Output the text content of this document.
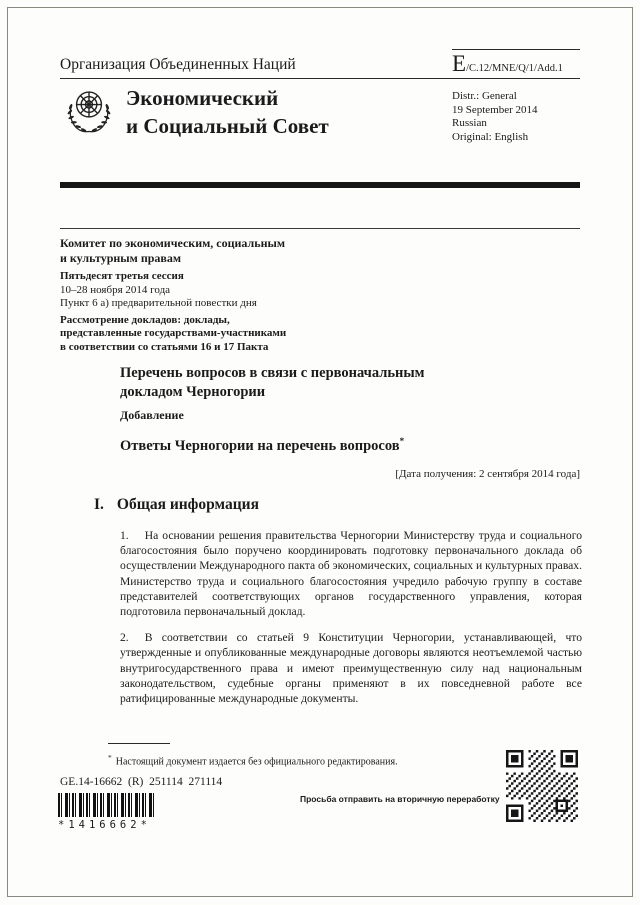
Организация Объединенных Наций	E /C.12/MNE/Q/1/Add.1
Экономический
и Социальный Совет
Distr.: General
19 September 2014
Russian
Original: English
Комитет по экономическим, социальным
и культурным правам
Пятьдесят третья сессия
10–28 ноября 2014 года
Пункт 6 а) предварительной повестки дня
Рассмотрение докладов: доклады,
представленные государствами-участниками
в соответствии со статьями 16 и 17 Пакта
Перечень вопросов в связи с первоначальным докладом Черногории
Добавление
Ответы Черногории на перечень вопросов*
[Дата получения: 2 сентября 2014 года]
I. Общая информация

1. На основании решения правительства Черногории Министерству труда и социального благосостояния было поручено координировать подготовку первоначального доклада об осуществлении Международного пакта об экономических, социальных и культурных правах. Министерство труда и социального благосостояния учредило рабочую группу в составе представителей соответствующих органов государственного управления, которая подготовила первоначальный доклад.

2. В соответствии со статьей 9 Конституции Черногории, устанавливающей, что утвержденные и опубликованные международные договоры являются неотъемлемой частью внутригосударственного права и имеют преимущественную силу над национальным законодательством, судебные органы применяют в их повседневной работе все ратифицированные международные документы.

* Настоящий документ издается без официального редактирования.
GE.14-16662  (R)  251114  271114
*1416662*
Просьба отправить на вторичную переработку
